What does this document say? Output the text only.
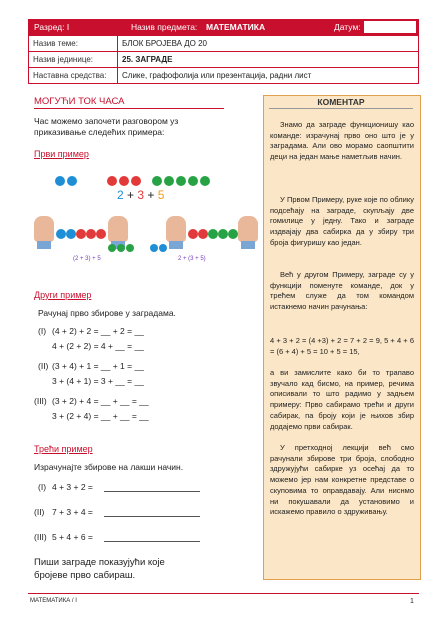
Разред: I	Назив предмета: МАТЕМАТИКА	Датум:
Назив теме:	БЛОК БРОЈЕВА ДО 20
Назив јединице:	25. ЗАГРАДЕ
Наставна средства:	Слике, графофолија или презентација, радни лист
МОГУЋИ ТОК ЧАСА
Час можемо започети разговором уз
приказивање следећих примера:
Први пример
2 + 3 + 5
(2 + 3) + 5	2 + (3 + 5)
Други пример
Рачунај прво збирове у заградама.
(I) (4 + 2) + 2 = __ + 2 = __
4 + (2 + 2) = 4 + __ = __
(II) (3 + 4) + 1 = __ + 1 = __
3 + (4 + 1) = 3 + __ = __
(III) (3 + 2) + 4 = __ + __ = __
3 + (2 + 4) = __ + __ = __
Трећи пример
Израчунајте збирове на лакши начин.
(I) 4 + 3 + 2 =
(II) 7 + 3 + 4 =
(III) 5 + 4 + 6 =
Пиши заграде показујући које
бројеве прво сабираш.
КОМЕНТАР
Знамо да заграде функционишу као команде: израчунај прво оно што је у заградама. Али ово морамо саопштити деци на један мање наметљив начин.
У Првом Примеру, руке које по облику подсећају на заграде, скупљају две гомилице у једну. Тако и заграде издвајају два сабирка да у збиру три броја фигуришу као један.
Већ у другом Примеру, заграде су у функцији поменуте команде, док у трећем служе да том командом истакнемо начин рачунања:
4 + 3 + 2 = (4 +3) + 2 = 7 + 2 = 9, 5 + 4 + 6 = (6 + 4) + 5 = 10 + 5 = 15,
а ви замислите како би то трапаво звучало кад бисмо, на пример, речима описивали то што радимо у задњем примеру: Прво сабирамо трећи и други сабирак, па броју који је њихов збир додајемо први сабирак.
У претходној лекцији већ смо рачунали збирове три броја, слободно здружујући сабирке уз осећај да то можемо јер нам конкретне представе о скуповима то оправдавају. Али ниснмо ни покушавали да установимо и искажемо правило о здруживању.
МАТЕМАТИКА / I	1
